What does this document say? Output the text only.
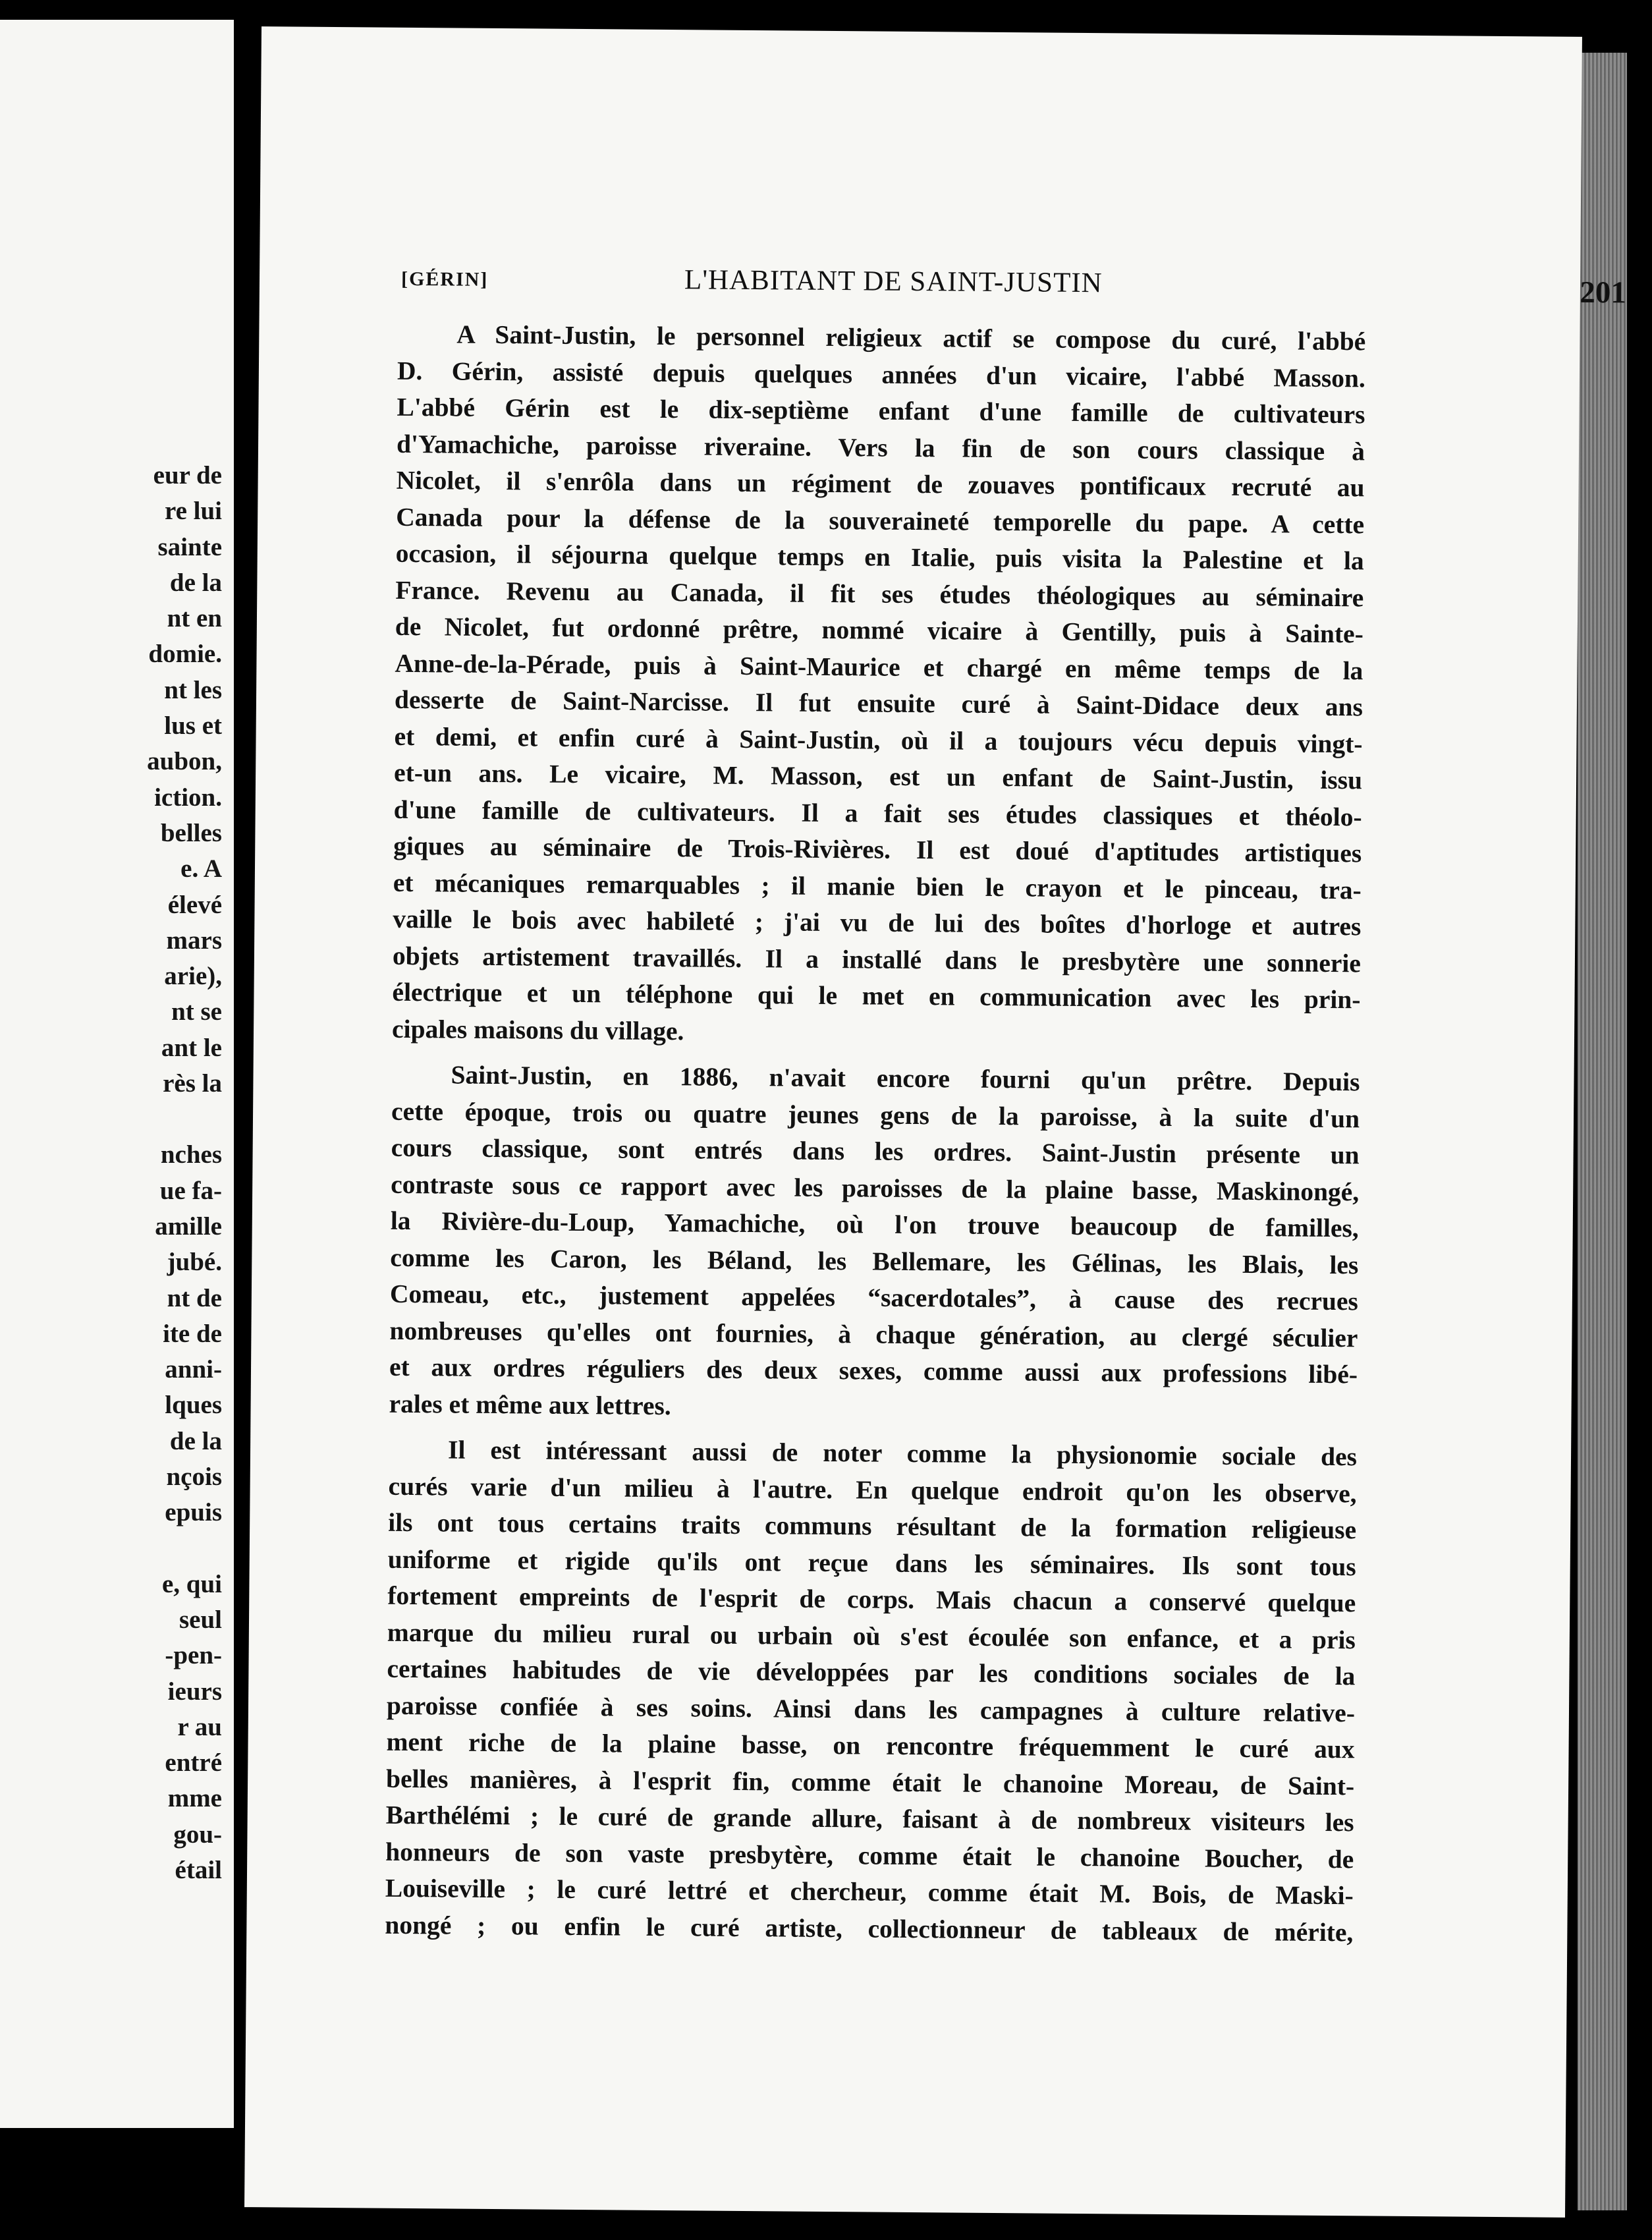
eur de
re lui
sainte
de la
nt en
domie.
nt les
lus et
aubon,
iction.
belles
e. A
élevé
mars
arie),
nt se
ant le
rès la
nches
ue fa-
amille
jubé.
nt de
ite de
anni-
lques
de la
nçois
epuis
e, qui
seul
-pen-
ieurs
r au
entré
mme
gou-
étail
[GÉRIN]	L'HABITANT DE SAINT-JUSTIN	201
A Saint-Justin, le personnel religieux actif se compose du curé, l'abbé
D. Gérin, assisté depuis quelques années d'un vicaire, l'abbé Masson.
L'abbé Gérin est le dix-septième enfant d'une famille de cultivateurs
d'Yamachiche, paroisse riveraine. Vers la fin de son cours classique à
Nicolet, il s'enrôla dans un régiment de zouaves pontificaux recruté au
Canada pour la défense de la souveraineté temporelle du pape. A cette
occasion, il séjourna quelque temps en Italie, puis visita la Palestine et la
France. Revenu au Canada, il fit ses études théologiques au séminaire
de Nicolet, fut ordonné prêtre, nommé vicaire à Gentilly, puis à Sainte-
Anne-de-la-Pérade, puis à Saint-Maurice et chargé en même temps de la
desserte de Saint-Narcisse. Il fut ensuite curé à Saint-Didace deux ans
et demi, et enfin curé à Saint-Justin, où il a toujours vécu depuis vingt-
et-un ans. Le vicaire, M. Masson, est un enfant de Saint-Justin, issu
d'une famille de cultivateurs. Il a fait ses études classiques et théolo-
giques au séminaire de Trois-Rivières. Il est doué d'aptitudes artistiques
et mécaniques remarquables ; il manie bien le crayon et le pinceau, tra-
vaille le bois avec habileté ; j'ai vu de lui des boîtes d'horloge et autres
objets artistement travaillés. Il a installé dans le presbytère une sonnerie
électrique et un téléphone qui le met en communication avec les prin-
cipales maisons du village.
Saint-Justin, en 1886, n'avait encore fourni qu'un prêtre. Depuis
cette époque, trois ou quatre jeunes gens de la paroisse, à la suite d'un
cours classique, sont entrés dans les ordres. Saint-Justin présente un
contraste sous ce rapport avec les paroisses de la plaine basse, Maskinongé,
la Rivière-du-Loup, Yamachiche, où l'on trouve beaucoup de familles,
comme les Caron, les Béland, les Bellemare, les Gélinas, les Blais, les
Comeau, etc., justement appelées “sacerdotales”, à cause des recrues
nombreuses qu'elles ont fournies, à chaque génération, au clergé séculier
et aux ordres réguliers des deux sexes, comme aussi aux professions libé-
rales et même aux lettres.
Il est intéressant aussi de noter comme la physionomie sociale des
curés varie d'un milieu à l'autre. En quelque endroit qu'on les observe,
ils ont tous certains traits communs résultant de la formation religieuse
uniforme et rigide qu'ils ont reçue dans les séminaires. Ils sont tous
fortement empreints de l'esprit de corps. Mais chacun a conservé quelque
marque du milieu rural ou urbain où s'est écoulée son enfance, et a pris
certaines habitudes de vie développées par les conditions sociales de la
paroisse confiée à ses soins. Ainsi dans les campagnes à culture relative-
ment riche de la plaine basse, on rencontre fréquemment le curé aux
belles manières, à l'esprit fin, comme était le chanoine Moreau, de Saint-
Barthélémi ; le curé de grande allure, faisant à de nombreux visiteurs les
honneurs de son vaste presbytère, comme était le chanoine Boucher, de
Louiseville ; le curé lettré et chercheur, comme était M. Bois, de Maski-
nongé ; ou enfin le curé artiste, collectionneur de tableaux de mérite,
